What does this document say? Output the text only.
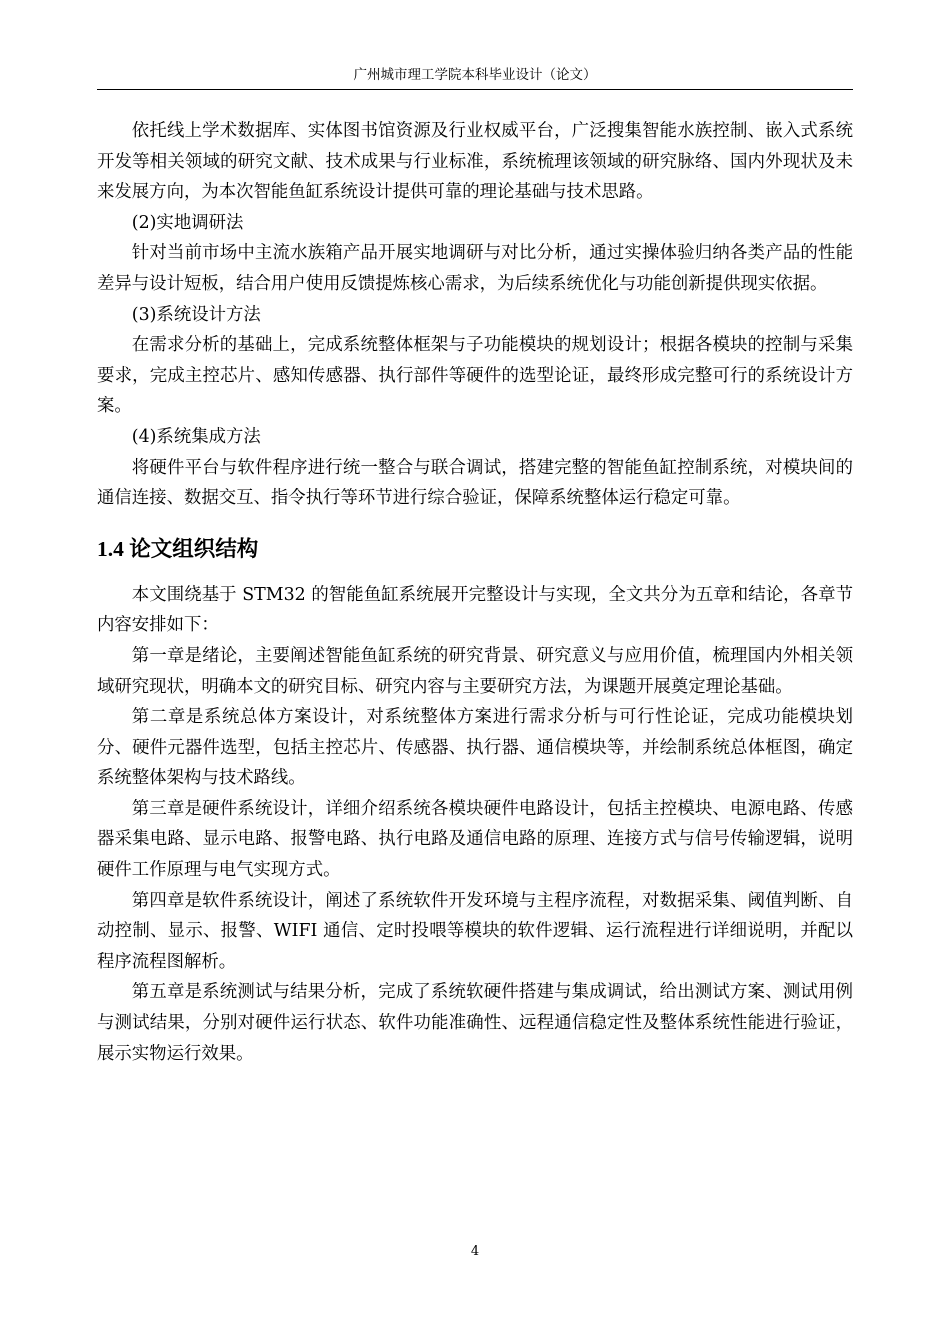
广州城市理工学院本科毕业设计（论文）

依托线上学术数据库、实体图书馆资源及行业权威平台，广泛搜集智能水族控制、嵌入式系统开发等相关领域的研究文献、技术成果与行业标准，系统梳理该领域的研究脉络、国内外现状及未来发展方向，为本次智能鱼缸系统设计提供可靠的理论基础与技术思路。

(2)实地调研法

针对当前市场中主流水族箱产品开展实地调研与对比分析，通过实操体验归纳各类产品的性能差异与设计短板，结合用户使用反馈提炼核心需求，为后续系统优化与功能创新提供现实依据。

(3)系统设计方法

在需求分析的基础上，完成系统整体框架与子功能模块的规划设计；根据各模块的控制与采集要求，完成主控芯片、感知传感器、执行部件等硬件的选型论证，最终形成完整可行的系统设计方案。

(4)系统集成方法

将硬件平台与软件程序进行统一整合与联合调试，搭建完整的智能鱼缸控制系统，对模块间的通信连接、数据交互、指令执行等环节进行综合验证，保障系统整体运行稳定可靠。

1.4 论文组织结构

本文围绕基于 STM32 的智能鱼缸系统展开完整设计与实现，全文共分为五章和结论，各章节内容安排如下：

第一章是绪论，主要阐述智能鱼缸系统的研究背景、研究意义与应用价值，梳理国内外相关领域研究现状，明确本文的研究目标、研究内容与主要研究方法，为课题开展奠定理论基础。

第二章是系统总体方案设计，对系统整体方案进行需求分析与可行性论证，完成功能模块划分、硬件元器件选型，包括主控芯片、传感器、执行器、通信模块等，并绘制系统总体框图，确定系统整体架构与技术路线。

第三章是硬件系统设计，详细介绍系统各模块硬件电路设计，包括主控模块、电源电路、传感器采集电路、显示电路、报警电路、执行电路及通信电路的原理、连接方式与信号传输逻辑，说明硬件工作原理与电气实现方式。

第四章是软件系统设计，阐述了系统软件开发环境与主程序流程，对数据采集、阈值判断、自动控制、显示、报警、WIFI 通信、定时投喂等模块的软件逻辑、运行流程进行详细说明，并配以程序流程图解析。

第五章是系统测试与结果分析，完成了系统软硬件搭建与集成调试，给出测试方案、测试用例与测试结果，分别对硬件运行状态、软件功能准确性、远程通信稳定性及整体系统性能进行验证，展示实物运行效果。

4
